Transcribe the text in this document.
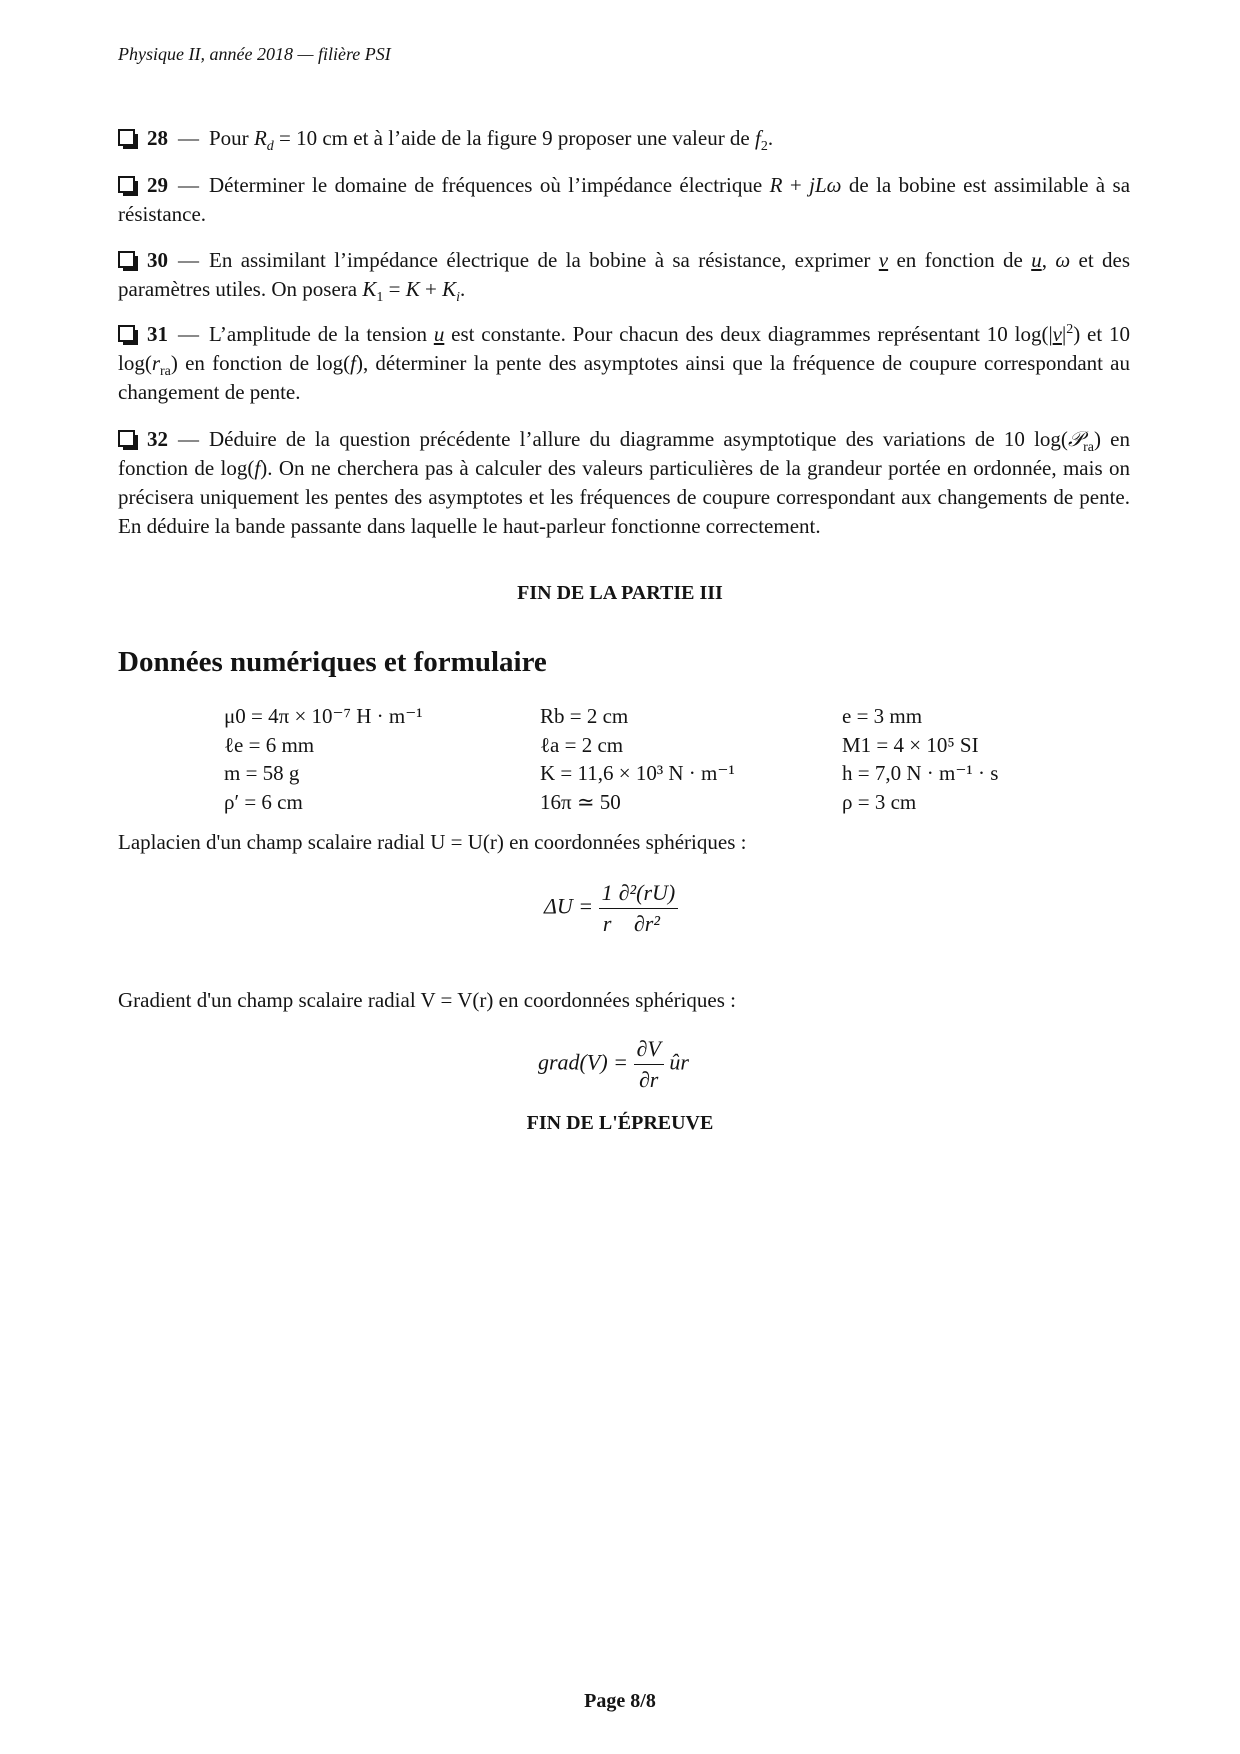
Physique II, année 2018 — filière PSI
28 — Pour $R_d = 10$ cm et à l’aide de la figure 9 proposer une valeur de $f_2$.
29 — Déterminer le domaine de fréquences où l’impédance électrique R + jLω de la bobine est assimilable à sa résistance.
30 — En assimilant l’impédance électrique de la bobine à sa résistance, exprimer v en fonction de u, ω et des paramètres utiles. On posera $K_1 = K + K_i$.
31 — L’amplitude de la tension u est constante. Pour chacun des deux diagrammes représentant 10 $\log(|v|^2)$ et 10 $\log(r_{ra})$ en fonction de log(f), déterminer la pente des asymptotes ainsi que la fréquence de coupure correspondant au changement de pente.
32 — Déduire de la question précédente l’allure du diagramme asymptotique des variations de 10 log(𝒫$_{ra}$) en fonction de log(f). On ne cherchera pas à calculer des valeurs particulières de la grandeur portée en ordonnée, mais on précisera uniquement les pentes des asymptotes et les fréquences de coupure correspondant aux changements de pente. En déduire la bande passante dans laquelle le haut-parleur fonctionne correctement.
FIN DE LA PARTIE III
Données numériques et formulaire
μ0 = 4π × 10⁻⁷ H · m⁻¹
ℓe = 6 mm
m = 58 g
ρ′ = 6 cm
Rb = 2 cm
ℓa = 2 cm
K = 11,6 × 10³ N · m⁻¹
16π ≃ 50
e = 3 mm
M1 = 4 × 10⁵ SI
h = 7,0 N · m⁻¹ · s
ρ = 3 cm
Laplacien d'un champ scalaire radial U = U(r) en coordonnées sphériques :
$\Delta U = \frac{1}{r} \frac{\text{∂²(rU)}}{\text{∂r²}}$
Gradient d'un champ scalaire radial V = V(r) en coordonnées sphériques :
grad(V) = $\frac{\partial V}{\partial r}$ ûr
FIN DE L'ÉPREUVE
Page 8/8
